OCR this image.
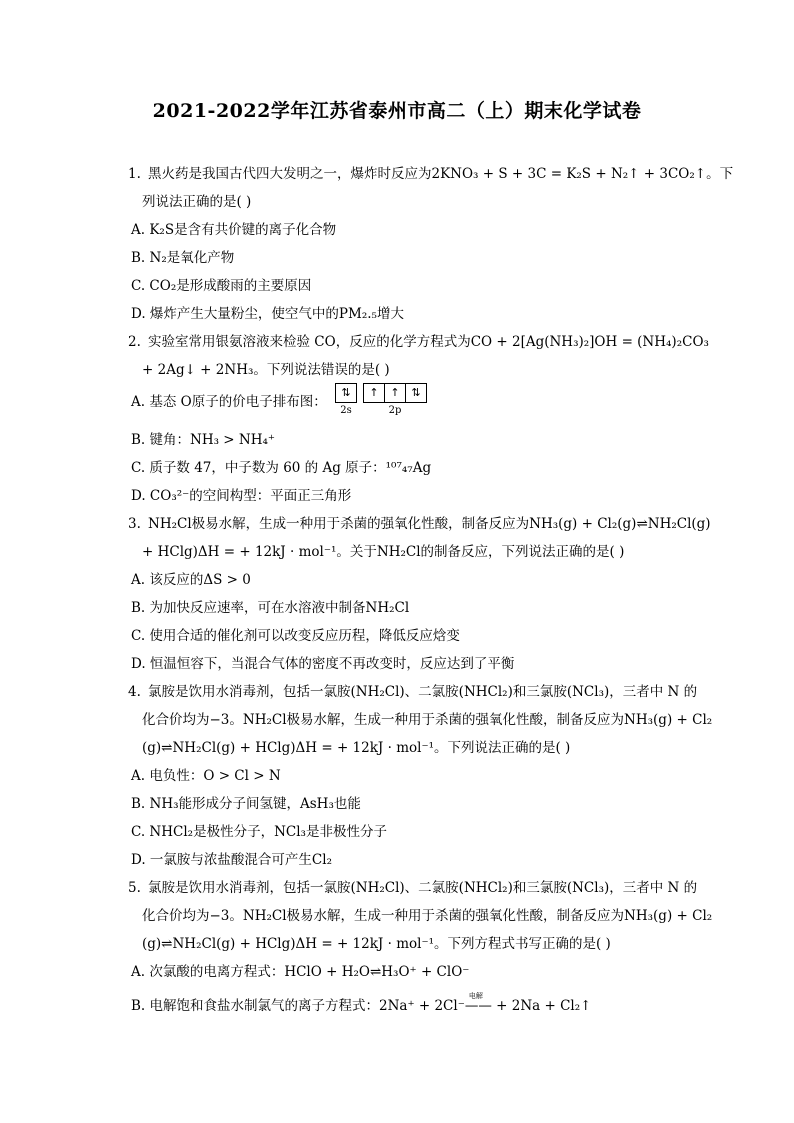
2021-2022学年江苏省泰州市高二（上）期末化学试卷
1. 黑火药是我国古代四大发明之一，爆炸时反应为2KNO₃ + S + 3C = K₂S + N₂↑ + 3CO₂↑。下
列说法正确的是( )
A. K₂S是含有共价键的离子化合物
B. N₂是氧化产物
C. CO₂是形成酸雨的主要原因
D. 爆炸产生大量粉尘，使空气中的PM₂.₅增大
2. 实验室常用银氨溶液来检验 CO，反应的化学方程式为CO + 2[Ag(NH₃)₂]OH = (NH₄)₂CO₃
+ 2Ag↓ + 2NH₃。下列说法错误的是( )
A. 基态 O原子的价电子排布图：
⇅
2s
↑	↑	⇅
2p
B. 键角：NH₃ > NH₄⁺
C. 质子数 47，中子数为 60 的 Ag 原子：¹⁰⁷₄₇Ag
D. CO₃²⁻的空间构型：平面正三角形
3. NH₂Cl极易水解，生成一种用于杀菌的强氧化性酸，制备反应为NH₃(g) + Cl₂(g)⇌NH₂Cl(g)
+ HClg)ΔH = + 12kJ · mol⁻¹。关于NH₂Cl的制备反应，下列说法正确的是( )
A. 该反应的ΔS > 0
B. 为加快反应速率，可在水溶液中制备NH₂Cl
C. 使用合适的催化剂可以改变反应历程，降低反应焓变
D. 恒温恒容下，当混合气体的密度不再改变时，反应达到了平衡
4. 氯胺是饮用水消毒剂，包括一氯胺(NH₂Cl)、二氯胺(NHCl₂)和三氯胺(NCl₃)，三者中 N 的
化合价均为−3。NH₂Cl极易水解，生成一种用于杀菌的强氧化性酸，制备反应为NH₃(g) + Cl₂
(g)⇌NH₂Cl(g) + HClg)ΔH = + 12kJ · mol⁻¹。下列说法正确的是( )
A. 电负性：O > Cl > N
B. NH₃能形成分子间氢键，AsH₃也能
C. NHCl₂是极性分子，NCl₃是非极性分子
D. 一氯胺与浓盐酸混合可产生Cl₂
5. 氯胺是饮用水消毒剂，包括一氯胺(NH₂Cl)、二氯胺(NHCl₂)和三氯胺(NCl₃)，三者中 N 的
化合价均为−3。NH₂Cl极易水解，生成一种用于杀菌的强氧化性酸，制备反应为NH₃(g) + Cl₂
(g)⇌NH₂Cl(g) + HClg)ΔH = + 12kJ · mol⁻¹。下列方程式书写正确的是( )
A. 次氯酸的电离方程式：HClO + H₂O⇌H₃O⁺ + ClO⁻
B. 电解饱和食盐水制氯气的离子方程式：2Na⁺ + 2Cl⁻
电解
—— + 2Na + Cl₂↑
